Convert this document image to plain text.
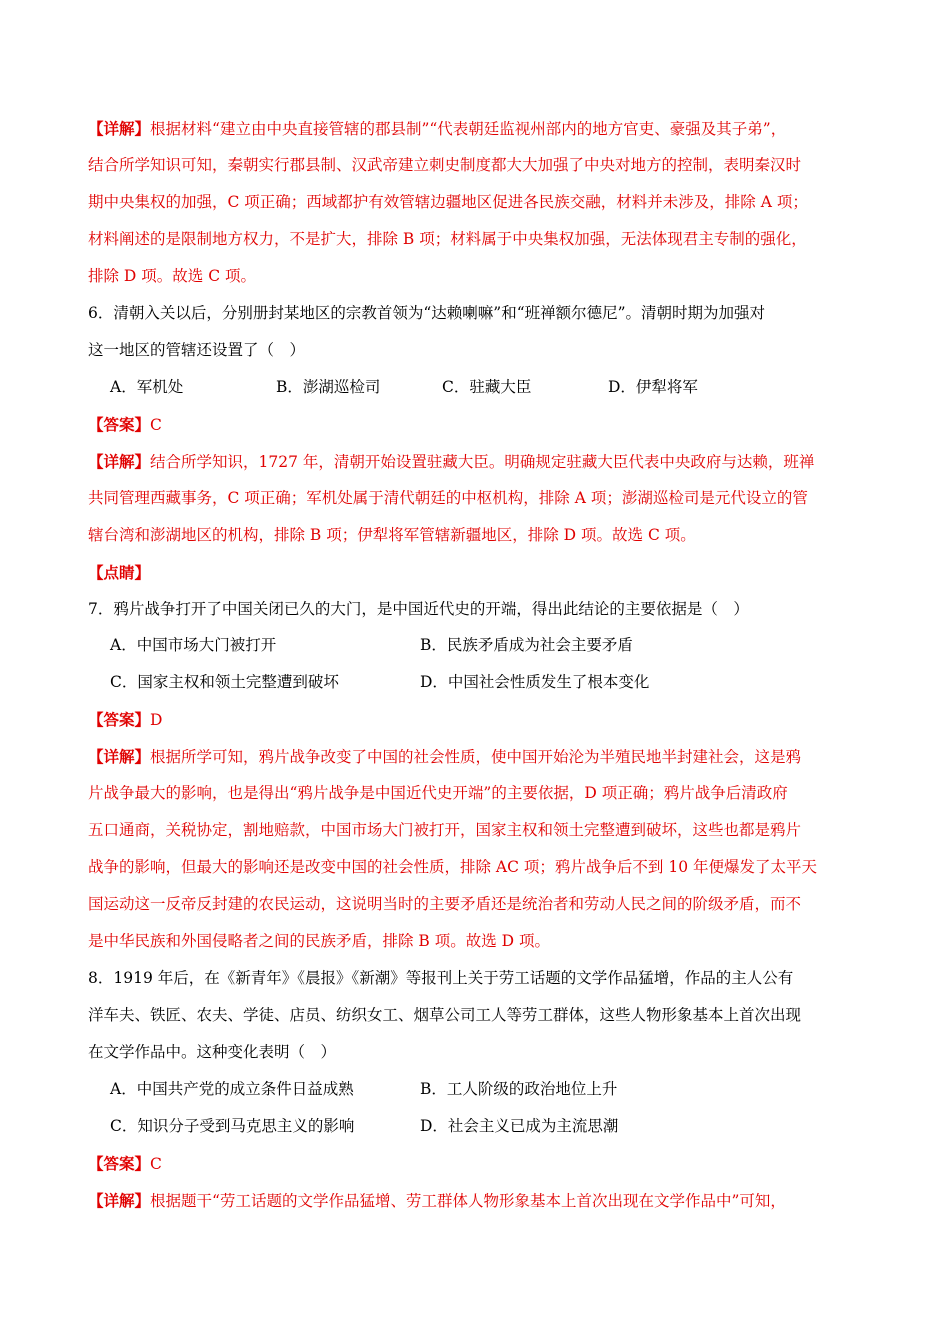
【详解】根据材料“建立由中央直接管辖的郡县制”“代表朝廷监视州部内的地方官吏、豪强及其子弟”，
结合所学知识可知，秦朝实行郡县制、汉武帝建立刺史制度都大大加强了中央对地方的控制，表明秦汉时
期中央集权的加强，C 项正确；西域都护有效管辖边疆地区促进各民族交融，材料并未涉及，排除 A 项；
材料阐述的是限制地方权力，不是扩大，排除 B 项；材料属于中央集权加强，无法体现君主专制的强化，
排除 D 项。故选 C 项。
6．清朝入关以后，分别册封某地区的宗教首领为“达赖喇嘛”和“班禅额尔德尼”。清朝时期为加强对
这一地区的管辖还设置了（　）
A．军机处	B．澎湖巡检司	C．驻藏大臣	D．伊犁将军
【答案】C
【详解】结合所学知识，1727 年，清朝开始设置驻藏大臣。明确规定驻藏大臣代表中央政府与达赖，班禅
共同管理西藏事务，C 项正确；军机处属于清代朝廷的中枢机构，排除 A 项；澎湖巡检司是元代设立的管
辖台湾和澎湖地区的机构，排除 B 项；伊犁将军管辖新疆地区，排除 D 项。故选 C 项。
【点睛】
7．鸦片战争打开了中国关闭已久的大门，是中国近代史的开端，得出此结论的主要依据是（　）
A．中国市场大门被打开	B．民族矛盾成为社会主要矛盾
C．国家主权和领土完整遭到破坏	D．中国社会性质发生了根本变化
【答案】D
【详解】根据所学可知，鸦片战争改变了中国的社会性质，使中国开始沦为半殖民地半封建社会，这是鸦
片战争最大的影响，也是得出“鸦片战争是中国近代史开端”的主要依据，D 项正确；鸦片战争后清政府
五口通商，关税协定，割地赔款，中国市场大门被打开，国家主权和领土完整遭到破坏，这些也都是鸦片
战争的影响，但最大的影响还是改变中国的社会性质，排除 AC 项；鸦片战争后不到 10 年便爆发了太平天
国运动这一反帝反封建的农民运动，这说明当时的主要矛盾还是统治者和劳动人民之间的阶级矛盾，而不
是中华民族和外国侵略者之间的民族矛盾，排除 B 项。故选 D 项。
8．1919 年后，在《新青年》《晨报》《新潮》等报刊上关于劳工话题的文学作品猛增，作品的主人公有
洋车夫、铁匠、农夫、学徒、店员、纺织女工、烟草公司工人等劳工群体，这些人物形象基本上首次出现
在文学作品中。这种变化表明（　）
A．中国共产党的成立条件日益成熟	B．工人阶级的政治地位上升
C．知识分子受到马克思主义的影响	D．社会主义已成为主流思潮
【答案】C
【详解】根据题干“劳工话题的文学作品猛增、劳工群体人物形象基本上首次出现在文学作品中”可知，
